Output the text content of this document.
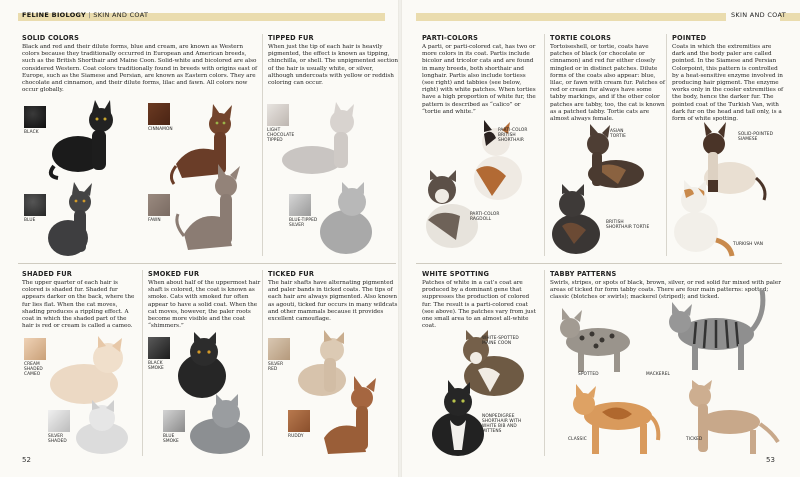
FELINE BIOLOGY | SKIN AND COAT	SKIN AND COAT
SOLID COLORS

Black and red and their dilute forms, blue and cream, are known as Western colors because they traditionally occurred in European and American breeds, such as the British Shorthair and Maine Coon. Solid-white and bicolored are also considered Western. Coat colors traditionally found in breeds with origins east of Europe, such as the Siamese and Persian, are known as Eastern colors. They are chocolate and cinnamon, and their dilute forms, lilac and fawn. All colors now occur globally.

BLACK
CINNAMON
BLUE	FAWN
TIPPED FUR

When just the tip of each hair is heavily pigmented, the effect is known as tipping, chinchilla, or shell. The unpigmented section of the hair is usually white, or silver, although undercoats with yellow or reddish coloring can occur.

LIGHT
CHOCOLATE
TIPPED
BLUE-TIPPED
SILVER
PARTI-COLORS

A parti, or parti-colored cat, has two or more colors in its coat. Partis include bicolor and tricolor cats and are found in many breeds, both shorthair and longhair. Partis also include tortiess (see right) and tabbies (see below, right) with white patches. When torties have a high proportion of white fur, the pattern is described as “calico” or “tortie and white.”

PARTI-COLOR
BRITISH
SHORTHAIR
PARTI-COLOR
RAGDOLL
TORTIE COLORS

Tortoiseshell, or tortie, coats have patches of black (or chocolate or cinnamon) and red fur either closely mingled or in distinct patches. Dilute forms of the coats also appear: blue, lilac, or fawn with cream fur. Patches of red or cream fur always have some tabby markings, and if the other color patches are tabby, too, the cat is known as a patched tabby. Tortie cats are almost always female.

ASIAN
TORTIE
BRITISH
SHORTHAIR TORTIE
POINTED

Coats in which the extremities are dark and the body paler are called pointed. In the Siamese and Persian Colorpoint, this pattern is controlled by a heat-sensitive enzyme involved in producing hair pigment. The enzyme works only in the cooler extremities of the body, hence the darker fur. The pointed coat of the Turkish Van, with dark fur on the head and tail only, is a form of white spotting.

SOLID-POINTED
SIAMESE
TURKISH VAN
SHADED FUR

The upper quarter of each hair is colored is shaded fur. Shaded fur appears darker on the back, where the fur lies flat. When the cat moves, shading produces a rippling effect. A coat in which the shaded part of the hair is red or cream is called a cameo.

CREAM
SHADED
CAMEO
SILVER
SHADED
SMOKED FUR

When about half of the uppermost hair shaft is colored, the coat is known as smoke. Cats with smoked fur often appear to have a solid coat. When the cat moves, however, the paler roots become more visible and the coat “shimmers.”

BLACK
SMOKE
BLUE
SMOKE
TICKED FUR

The hair shafts have alternating pigmented and paler bands in ticked coats. The tips of each hair are always pigmented. Also known as agouti, ticked fur occurs in many wildcats and other mammals because it provides excellent camouflage.

SILVER
RED
RUDDY
WHITE SPOTTING

Patches of white in a cat’s coat are produced by a dominant gene that suppresses the production of colored fur. The result is a parti-colored coat (see above). The patches vary from just one small area to an almost all-white coat.

WHITE-SPOTTED
MAINE COON
NONPEDIGREE
SHORTHAIR WITH
WHITE BIB AND
MITTENS
TABBY PATTERNS

Swirls, stripes, or spots of black, brown, silver, or red solid fur mixed with paler areas of ticked fur form tabby coats. There are four main patterns: spotted; classic (blotches or swirls); mackerel (striped); and ticked.

SPOTTED	MACKEREL
CLASSIC	TICKED
52	53
